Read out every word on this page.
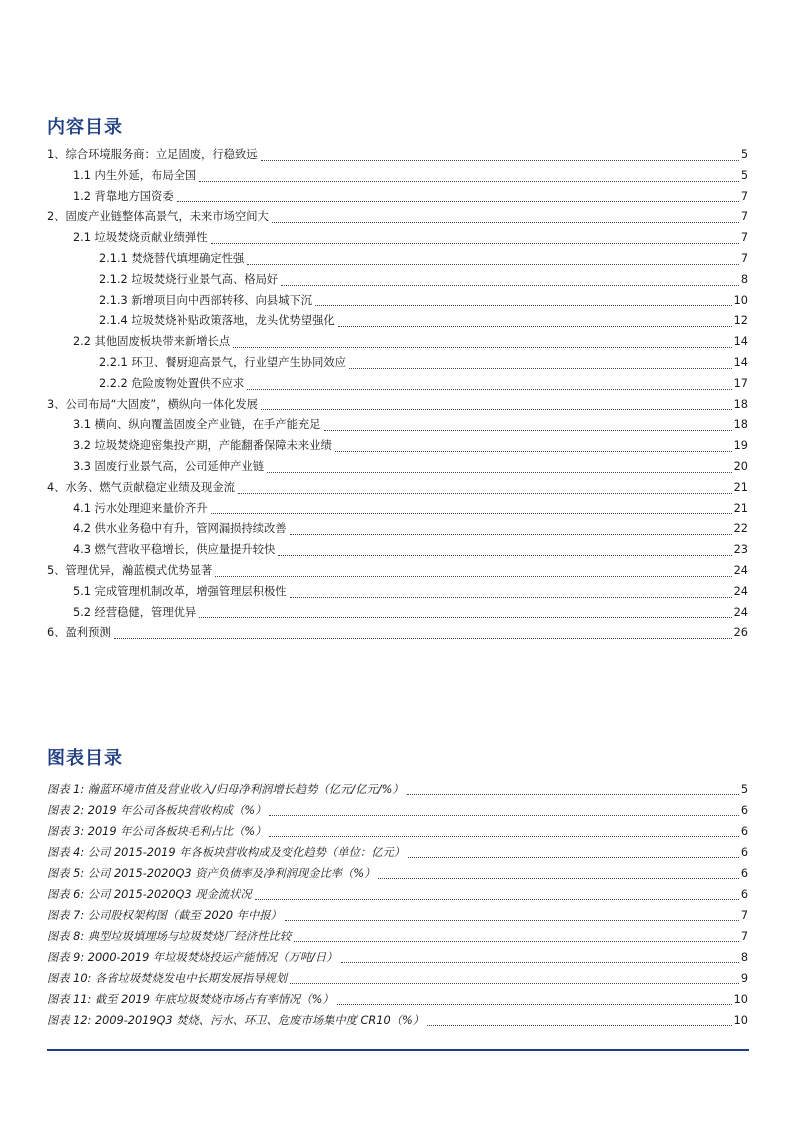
内容目录
1、综合环境服务商：立足固废，行稳致远	5
1.1 内生外延，布局全国	5
1.2 背靠地方国资委	7
2、固废产业链整体高景气，未来市场空间大	7
2.1 垃圾焚烧贡献业绩弹性	7
2.1.1 焚烧替代填埋确定性强	7
2.1.2 垃圾焚烧行业景气高、格局好	8
2.1.3 新增项目向中西部转移、向县城下沉	10
2.1.4 垃圾焚烧补贴政策落地，龙头优势望强化	12
2.2 其他固废板块带来新增长点	14
2.2.1 环卫、餐厨迎高景气，行业望产生协同效应	14
2.2.2 危险废物处置供不应求	17
3、公司布局“大固废”，横纵向一体化发展	18
3.1 横向、纵向覆盖固废全产业链，在手产能充足	18
3.2 垃圾焚烧迎密集投产期，产能翻番保障未来业绩	19
3.3 固废行业景气高，公司延伸产业链	20
4、水务、燃气贡献稳定业绩及现金流	21
4.1 污水处理迎来量价齐升	21
4.2 供水业务稳中有升，管网漏损持续改善	22
4.3 燃气营收平稳增长，供应量提升较快	23
5、管理优异，瀚蓝模式优势显著	24
5.1 完成管理机制改革，增强管理层积极性	24
5.2 经营稳健，管理优异	24
6、盈利预测	26
图表目录
图表 1: 瀚蓝环境市值及营业收入/归母净利润增长趋势（亿元/亿元/%）	5
图表 2: 2019 年公司各板块营收构成（%）	6
图表 3: 2019 年公司各板块毛利占比（%）	6
图表 4: 公司 2015-2019 年各板块营收构成及变化趋势（单位：亿元）	6
图表 5: 公司 2015-2020Q3 资产负债率及净利润现金比率（%）	6
图表 6: 公司 2015-2020Q3 现金流状况	6
图表 7: 公司股权架构图（截至 2020 年中报）	7
图表 8: 典型垃圾填埋场与垃圾焚烧厂经济性比较	7
图表 9: 2000-2019 年垃圾焚烧投运产能情况（万吨/日）	8
图表 10: 各省垃圾焚烧发电中长期发展指导规划	9
图表 11: 截至 2019 年底垃圾焚烧市场占有率情况（%）	10
图表 12: 2009-2019Q3 焚烧、污水、环卫、危废市场集中度 CR10（%）	10
